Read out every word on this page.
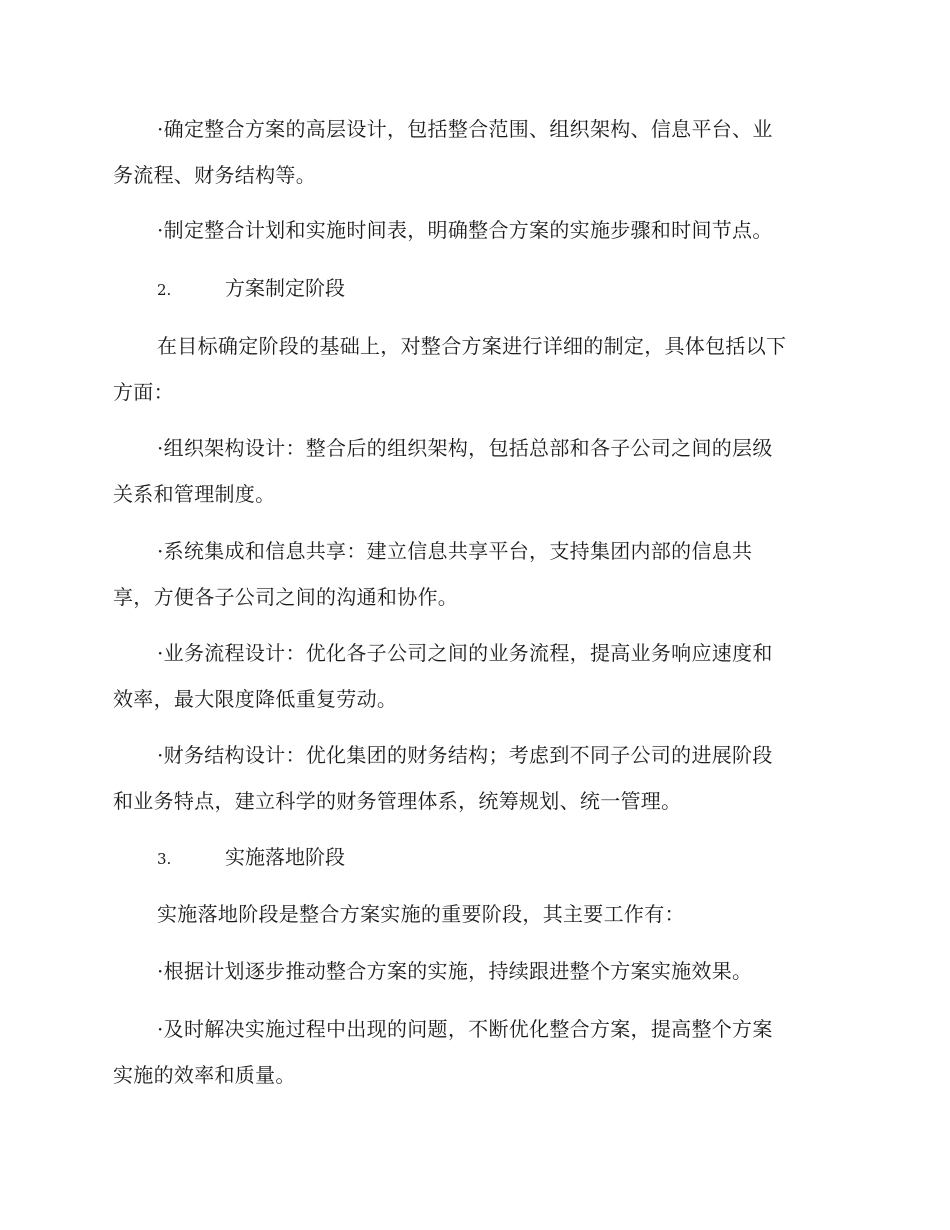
·确定整合方案的高层设计，包括整合范围、组织架构、信息平台、业
务流程、财务结构等。

·制定整合计划和实施时间表，明确整合方案的实施步骤和时间节点。

2.	方案制定阶段

在目标确定阶段的基础上，对整合方案进行详细的制定，具体包括以下
方面：

·组织架构设计：整合后的组织架构，包括总部和各子公司之间的层级
关系和管理制度。

·系统集成和信息共享：建立信息共享平台，支持集团内部的信息共
享，方便各子公司之间的沟通和协作。

·业务流程设计：优化各子公司之间的业务流程，提高业务响应速度和
效率，最大限度降低重复劳动。

·财务结构设计：优化集团的财务结构；考虑到不同子公司的进展阶段
和业务特点，建立科学的财务管理体系，统筹规划、统一管理。

3.	实施落地阶段

实施落地阶段是整合方案实施的重要阶段，其主要工作有：

·根据计划逐步推动整合方案的实施，持续跟进整个方案实施效果。

·及时解决实施过程中出现的问题，不断优化整合方案，提高整个方案
实施的效率和质量。
